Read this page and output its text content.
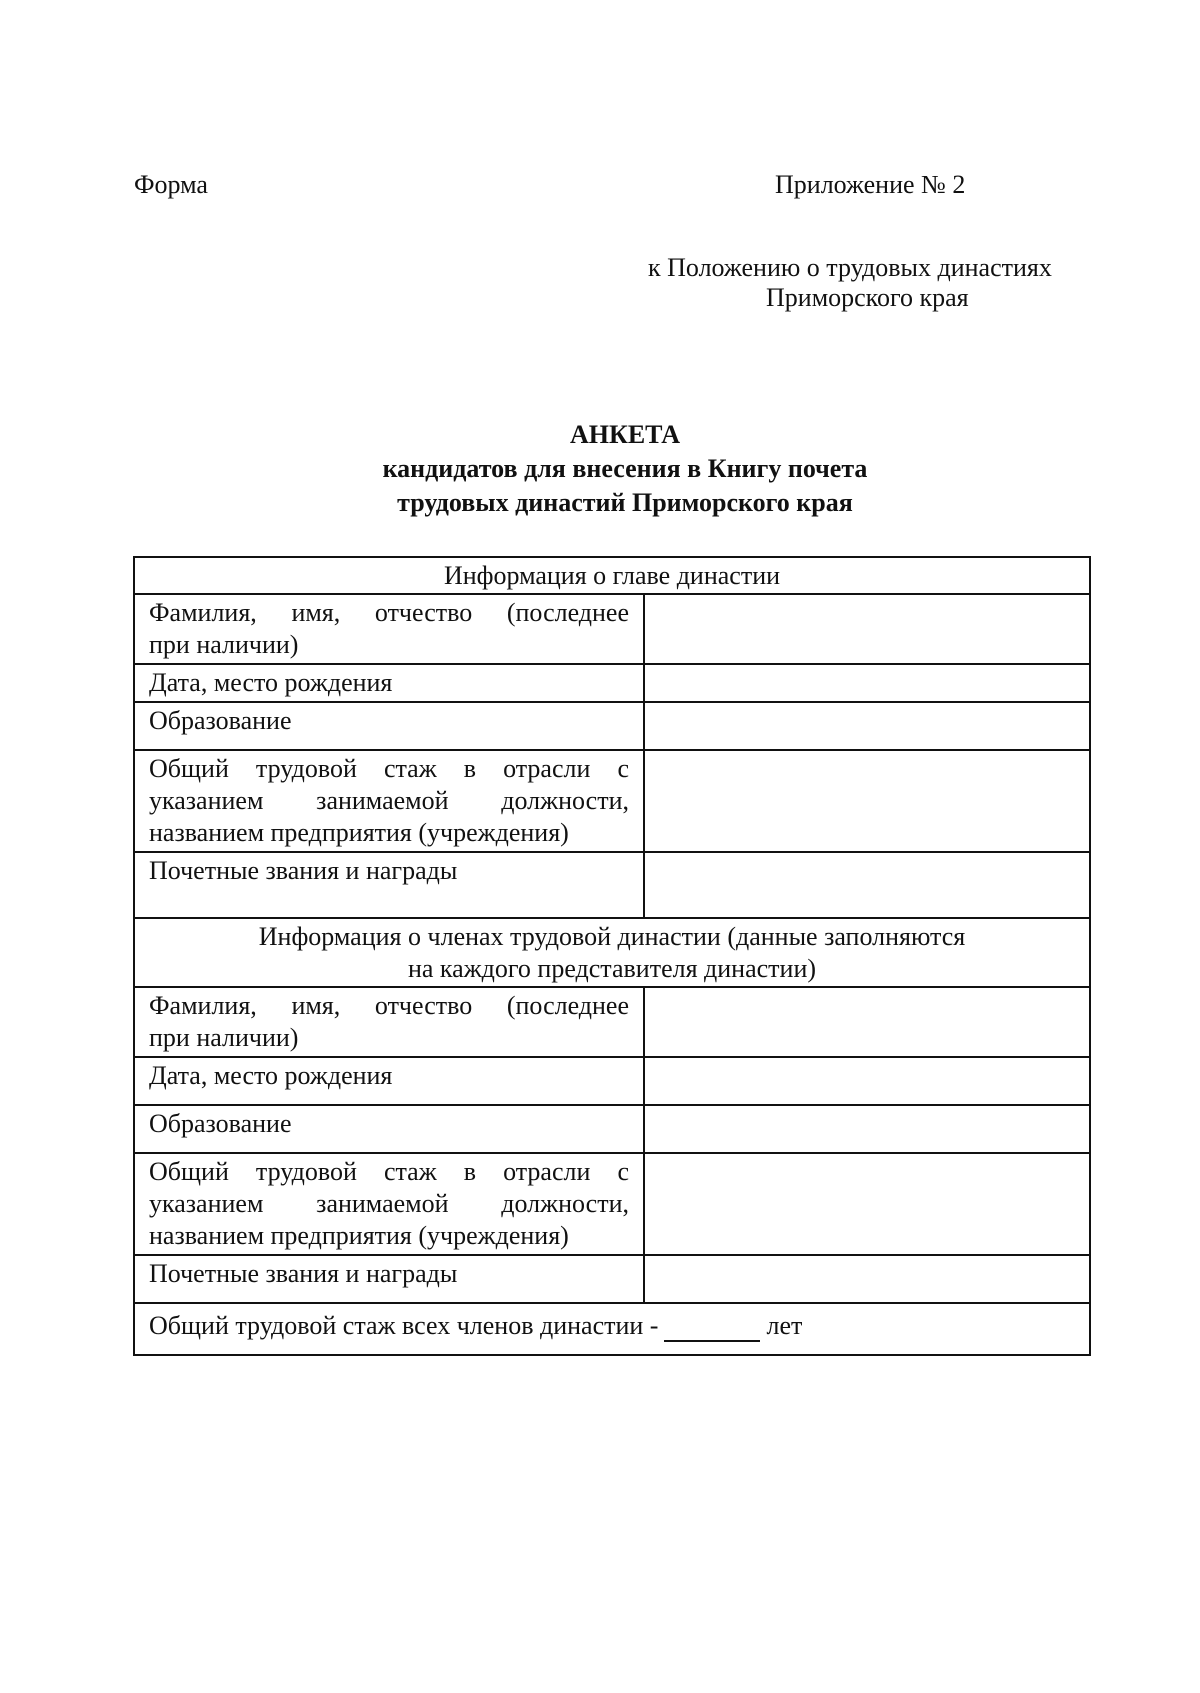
Форма	Приложение № 2
к Положению о трудовых династиях
Приморского края
АНКЕТА
кандидатов для внесения в Книгу почета
трудовых династий Приморского края
Информация о главе династии	

Фамилия, имя, отчество (последнее
при наличии)	

Дата, место рождения	

Образование	

Общий трудовой стаж в отрасли с
указанием занимаемой должности,
названием предприятия (учреждения)	

Почетные звания и награды	

Информация о членах трудовой династии (данные заполняются
на каждого представителя династии)	

Фамилия, имя, отчество (последнее
при наличии)	

Дата, место рождения	

Образование	

Общий трудовой стаж в отрасли с
указанием занимаемой должности,
названием предприятия (учреждения)	

Почетные звания и награды	

Общий трудовой стаж всех членов династии - лет	
